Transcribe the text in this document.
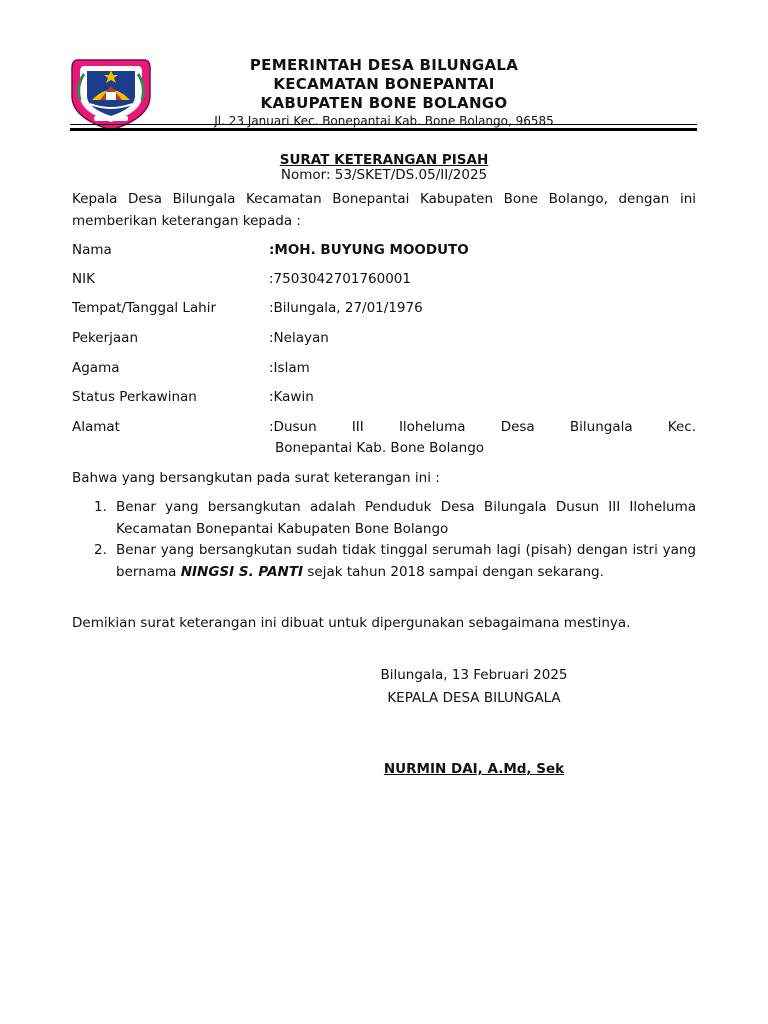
PEMERINTAH DESA BILUNGALA
KECAMATAN BONEPANTAI
KABUPATEN BONE BOLANGO
Jl. 23 Januari Kec. Bonepantai Kab. Bone Bolango, 96585
SURAT KETERANGAN PISAH
Nomor: 53/SKET/DS.05/II/2025
Kepala Desa Bilungala Kecamatan Bonepantai Kabupaten Bone Bolango, dengan ini memberikan keterangan kepada :
Nama	:MOH. BUYUNG MOODUTO
NIK	:7503042701760001
Tempat/Tanggal Lahir	:Bilungala, 27/01/1976
Pekerjaan	:Nelayan
Agama	:Islam
Status Perkawinan	:Kawin
Alamat	:Dusun III Iloheluma Desa Bilungala Kec.
Bonepantai Kab. Bone Bolango
Bahwa yang bersangkutan pada surat keterangan ini :
1. Benar yang bersangkutan adalah Penduduk Desa Bilungala Dusun III Iloheluma Kecamatan Bonepantai Kabupaten Bone Bolango
2. Benar yang bersangkutan sudah tidak tinggal serumah lagi (pisah) dengan istri yang bernama NINGSI S. PANTI sejak tahun 2018 sampai dengan sekarang.
Demikian surat keterangan ini dibuat untuk dipergunakan sebagaimana mestinya.
Bilungala, 13 Februari 2025
KEPALA DESA BILUNGALA
NURMIN DAI, A.Md, Sek
